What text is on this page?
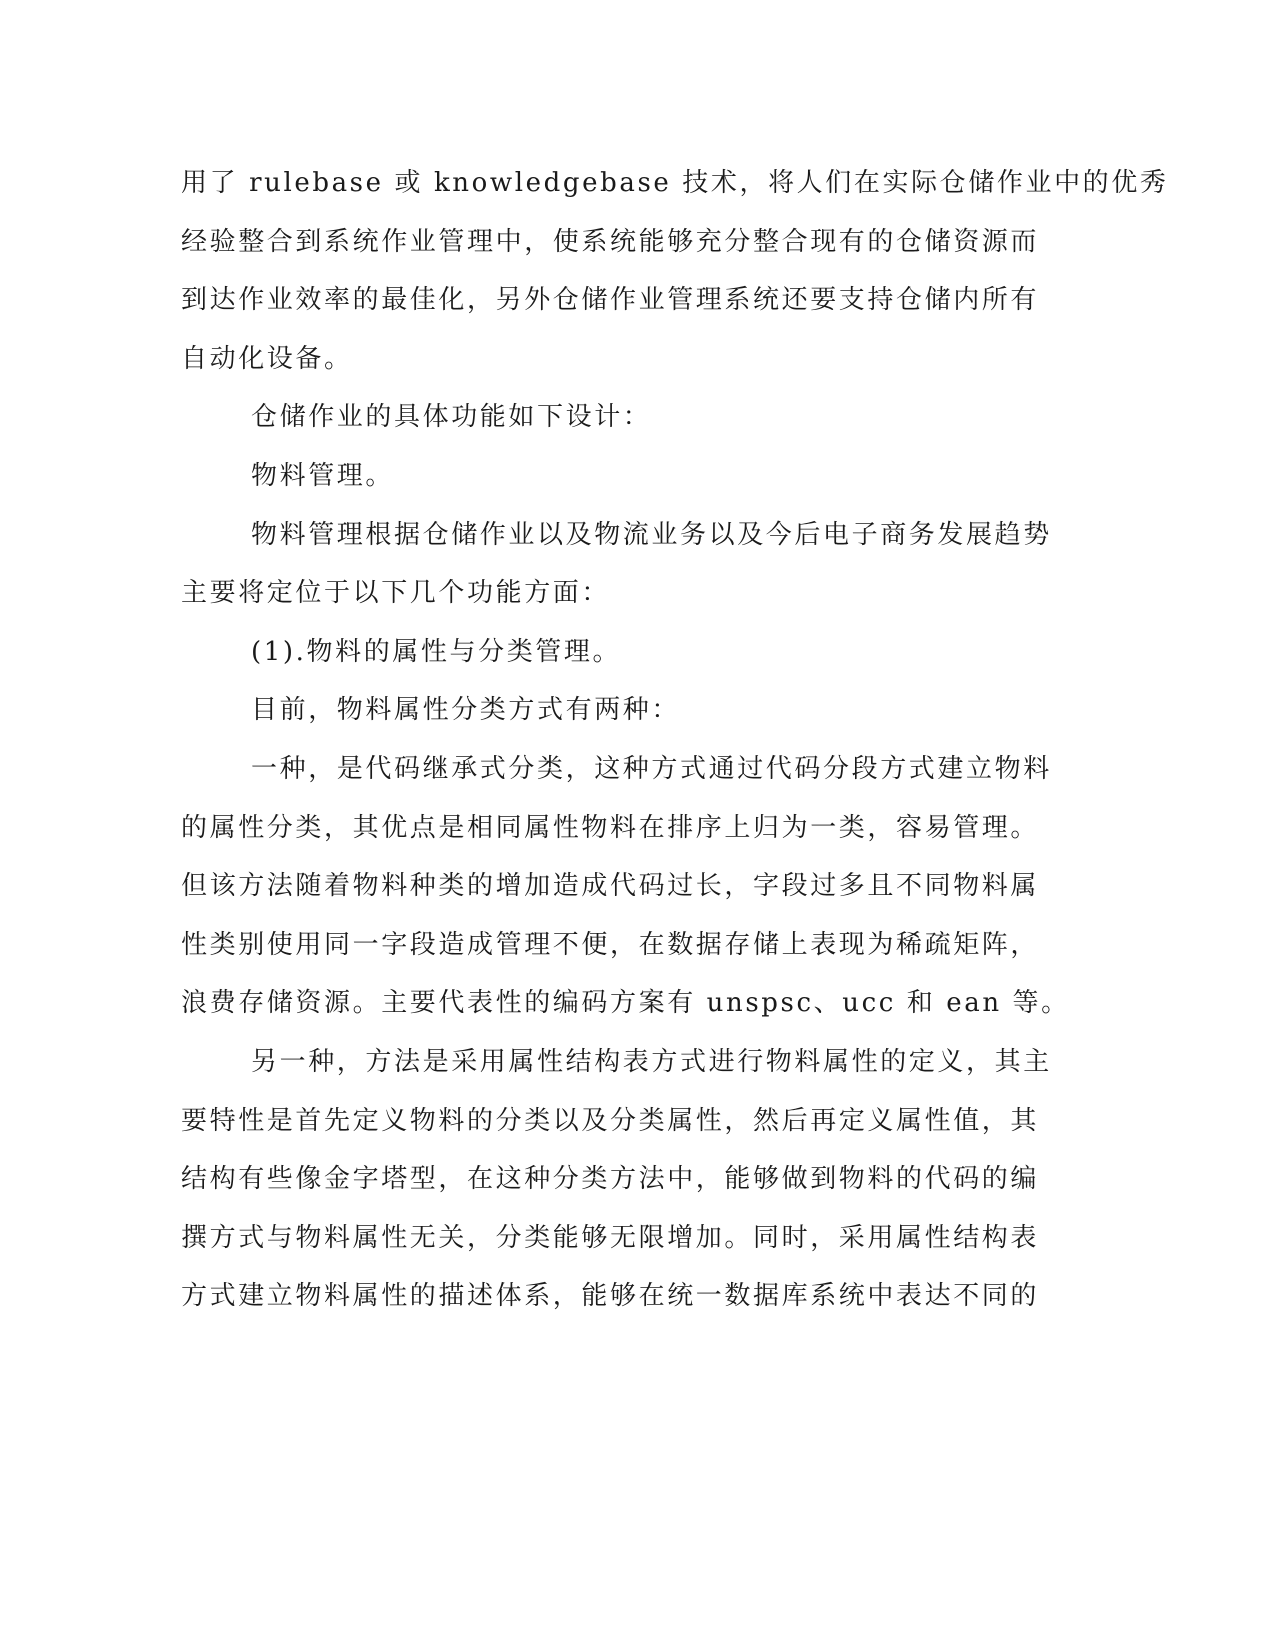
用了 rulebase 或 knowledgebase 技术，将人们在实际仓储作业中的优秀
经验整合到系统作业管理中，使系统能够充分整合现有的仓储资源而
到达作业效率的最佳化，另外仓储作业管理系统还要支持仓储内所有
自动化设备。
仓储作业的具体功能如下设计：
物料管理。
物料管理根据仓储作业以及物流业务以及今后电子商务发展趋势
主要将定位于以下几个功能方面：
(1).物料的属性与分类管理。
目前，物料属性分类方式有两种：
一种，是代码继承式分类，这种方式通过代码分段方式建立物料
的属性分类，其优点是相同属性物料在排序上归为一类，容易管理。
但该方法随着物料种类的增加造成代码过长，字段过多且不同物料属
性类别使用同一字段造成管理不便，在数据存储上表现为稀疏矩阵，
浪费存储资源。主要代表性的编码方案有 unspsc、ucc 和 ean 等。
另一种，方法是采用属性结构表方式进行物料属性的定义，其主
要特性是首先定义物料的分类以及分类属性，然后再定义属性值，其
结构有些像金字塔型，在这种分类方法中，能够做到物料的代码的编
撰方式与物料属性无关，分类能够无限增加。同时，采用属性结构表
方式建立物料属性的描述体系，能够在统一数据库系统中表达不同的
